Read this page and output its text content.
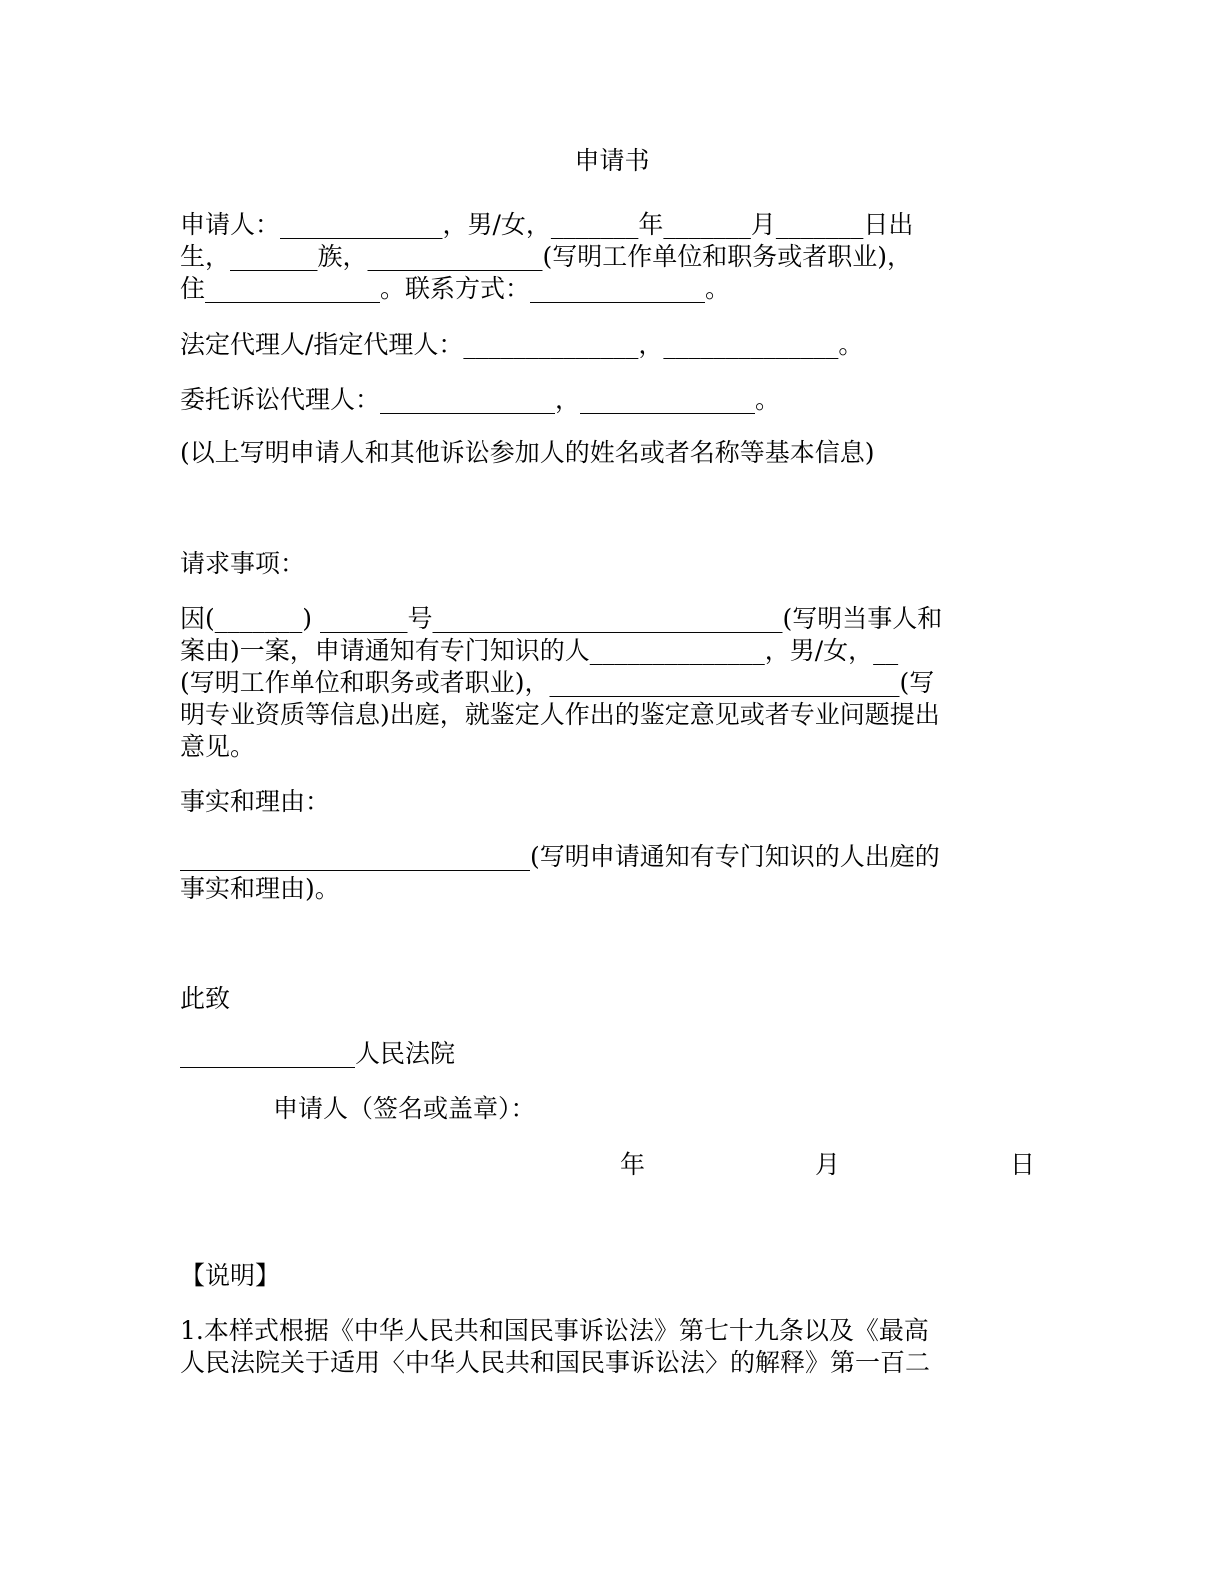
申请书
申请人：_____________，男/女，_______年_______月_______日出
生，_______族，______________(写明工作单位和职务或者职业)，
住______________。联系方式：______________。
法定代理人/指定代理人：______________，______________。
委托诉讼代理人：______________，______________。
(以上写明申请人和其他诉讼参加人的姓名或者名称等基本信息)
请求事项：
因(_______) _______号____________________________(写明当事人和
案由)一案，申请通知有专门知识的人______________，男/女，__
(写明工作单位和职务或者职业)，____________________________(写
明专业资质等信息)出庭，就鉴定人作出的鉴定意见或者专业问题提出
意见。
事实和理由：
____________________________(写明申请通知有专门知识的人出庭的
事实和理由)。
此致
______________人民法院
申请人（签名或盖章）：
年	月	日
【说明】
1.本样式根据《中华人民共和国民事诉讼法》第七十九条以及《最高
人民法院关于适用〈中华人民共和国民事诉讼法〉的解释》第一百二
